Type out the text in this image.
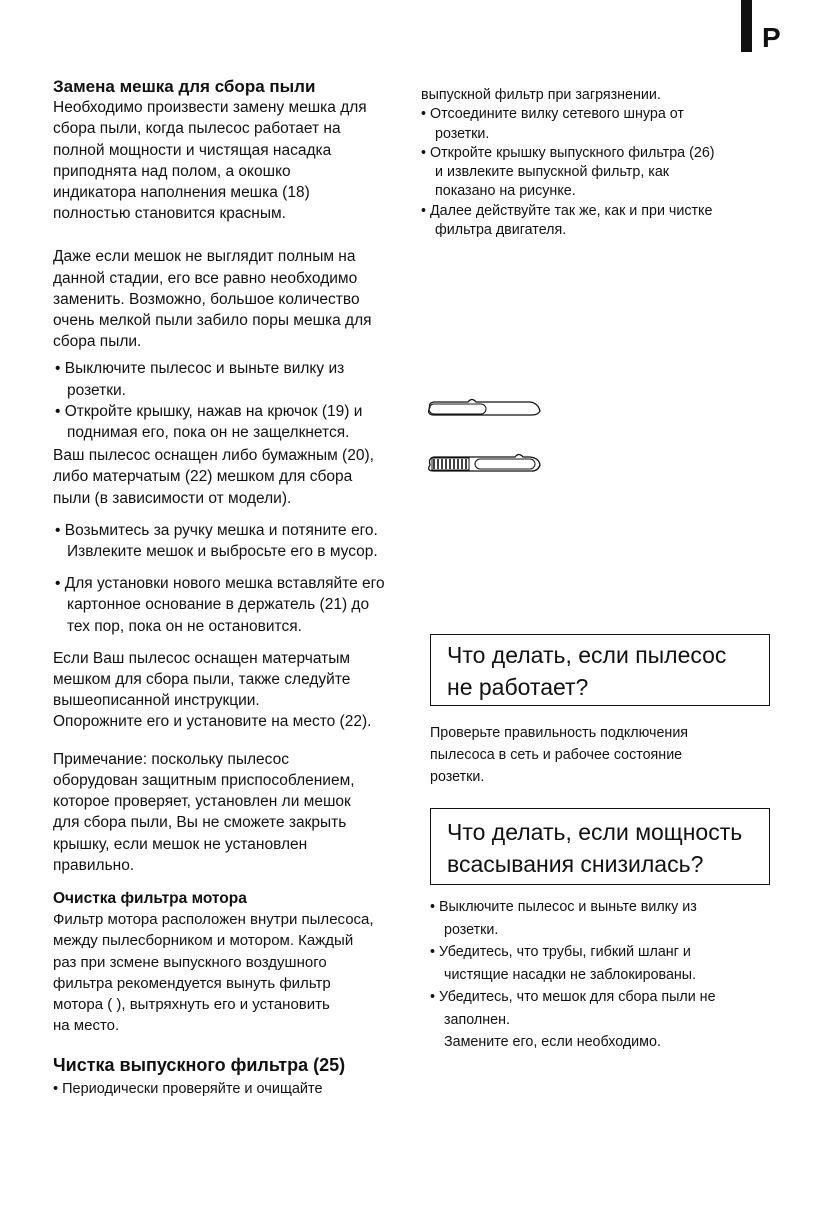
P

Замена мешка для сбора пыли

Необходимо произвести замену мешка для
сбора пыли, когда пылесос работает на
полной мощности и чистящая насадка
приподнята над полом, а окошко
индикатора наполнения мешка (18)
полностью становится красным.
Даже если мешок не выглядит полным на
данной стадии, его все равно необходимо
заменить. Возможно, большое количество
очень мелкой пыли забило поры мешка для
сбора пыли.
• Выключите пылесос и выньте вилку из
розетки.
• Откройте крышку, нажав на крючок (19) и
поднимая его, пока он не защелкнется.
Ваш пылесос оснащен либо бумажным (20),
либо матерчатым (22) мешком для сбора
пыли (в зависимости от модели).
• Возьмитесь за ручку мешка и потяните его.
Извлеките мешок и выбросьте его в мусор.
• Для установки нового мешка вставляйте его
картонное основание в держатель (21) до
тех пор, пока он не остановится.
Если Ваш пылесос оснащен матерчатым
мешком для сбора пыли, также следуйте
вышеописанной инструкции.
Опорожните его и установите на место (22).
Примечание: поскольку пылесос
оборудован защитным приспособлением,
которое проверяет, установлен ли мешок
для сбора пыли, Вы не сможете закрыть
крышку, если мешок не установлен
правильно.

Очистка фильтра мотора

Фильтр мотора расположен внутри пылесоса,
между пылесборником и мотором. Каждый
раз при зсмене выпускного воздушного
фильтра рекомендуется вынуть фильтр
мотора ( ), вытряхнуть его и установить
на место.

Чистка выпускного фильтра (25)

• Периодически проверяйте и очищайте

выпускной фильтр при загрязнении.
• Отсоедините вилку сетевого шнура от
розетки.
• Откройте крышку выпускного фильтра (26)
и извлеките выпускной фильтр, как
показано на рисунке.
• Далее действуйте так же, как и при чистке
фильтра двигателя.
Что делать, если пылесос
не работает?
Проверьте правильность подключения
пылесоса в сеть и рабочее состояние
розетки.
Что делать, если мощность
всасывания снизилась?
• Выключите пылесос и выньте вилку из
розетки.
• Убедитесь, что трубы, гибкий шланг и
чистящие насадки не заблокированы.
• Убедитесь, что мешок для сбора пыли не
заполнен.
Замените его, если необходимо.
